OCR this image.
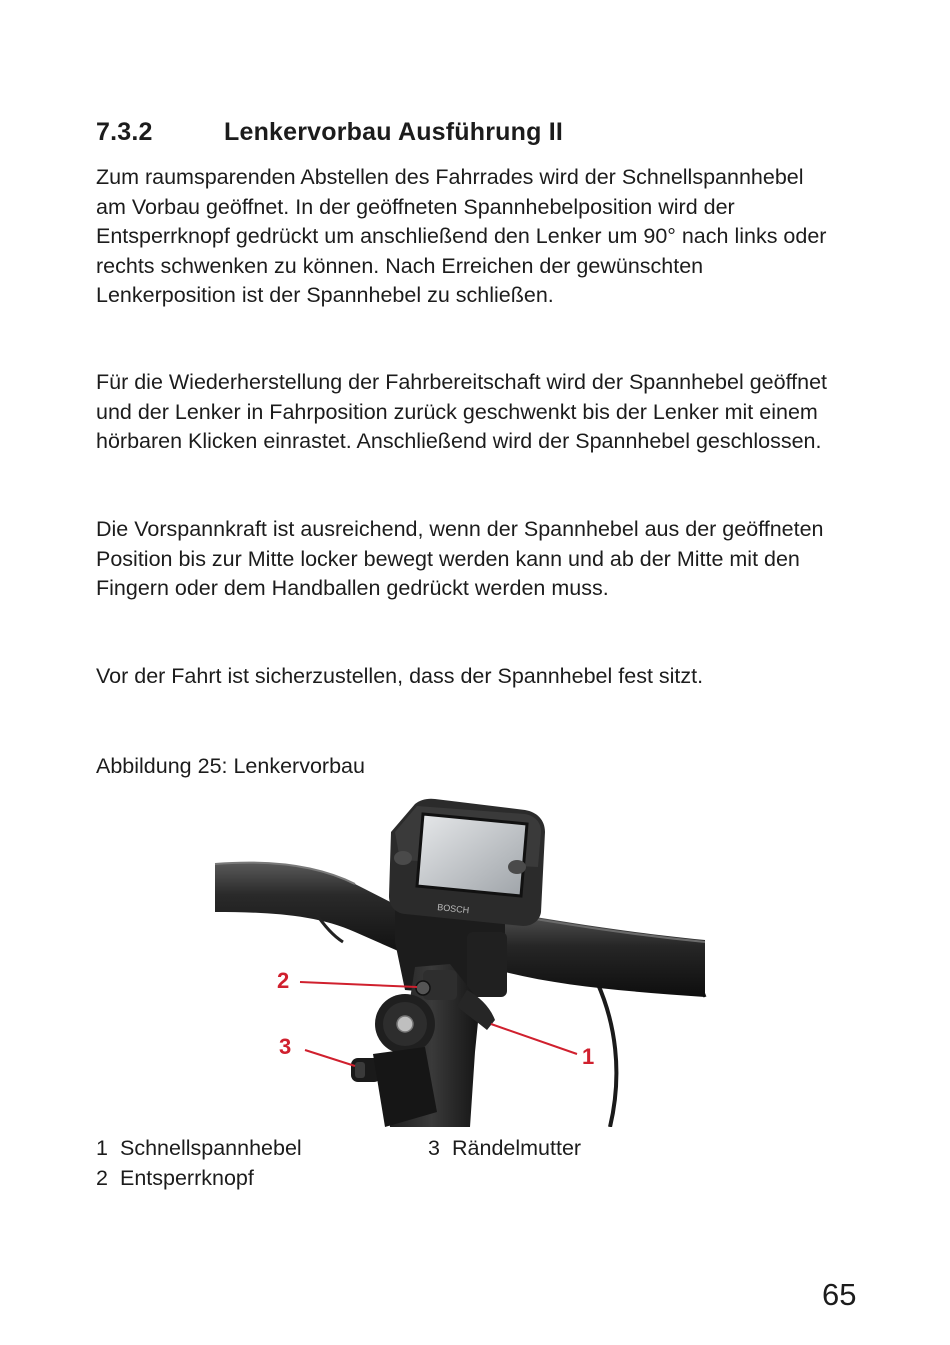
7.3.2	Lenkervorbau Ausführung II

Zum raumsparenden Abstellen des Fahrrades wird der Schnellspannhebel am Vorbau geöffnet. In der geöffneten Spannhebelposition wird der Entsperrknopf gedrückt um anschließend den Lenker um 90° nach links oder rechts schwenken zu können. Nach Erreichen der gewünschten Lenkerposition ist der Spannhebel zu schließen.

Für die Wiederherstellung der Fahrbereitschaft wird der Spannhebel geöffnet und der Lenker in Fahrposition zurück geschwenkt bis der Lenker mit einem hörbaren Klicken einrastet. Anschließend wird der Spannhebel geschlossen.

Die Vorspannkraft ist ausreichend, wenn der Spannhebel aus der geöffneten Position bis zur Mitte locker bewegt werden kann und ab der Mitte mit den Fingern oder dem Handballen gedrückt werden muss.

Vor der Fahrt ist sicherzustellen, dass der Spannhebel fest sitzt.

Abbildung 25: Lenkervorbau
BOSCH
2
3	1
1 Schnellspannhebel
2 Entsperrknopf
3 Rändelmutter
65
